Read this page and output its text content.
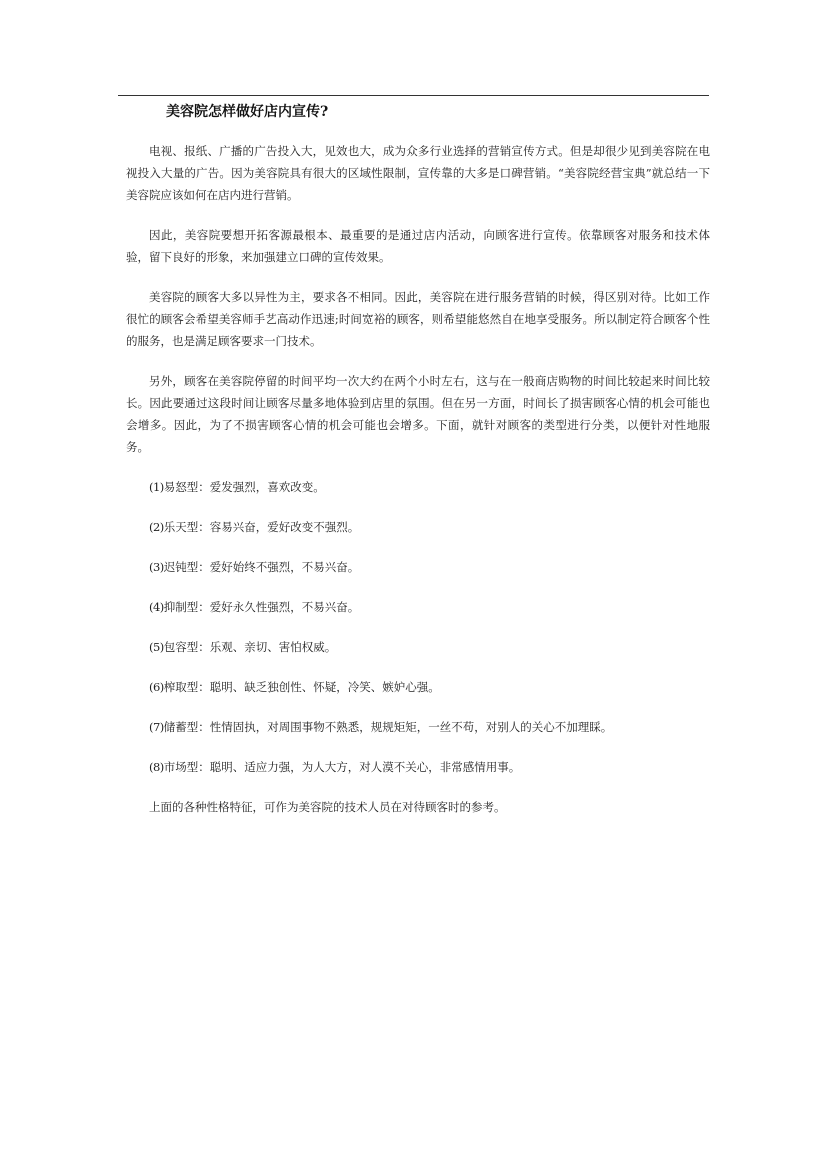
美容院怎样做好店内宣传?

电视、报纸、广播的广告投入大，见效也大，成为众多行业选择的营销宣传方式。但是却很少见到美容院在电视投入大量的广告。因为美容院具有很大的区域性限制，宣传靠的大多是口碑营销。“美容院经营宝典”就总结一下美容院应该如何在店内进行营销。

因此，美容院要想开拓客源最根本、最重要的是通过店内活动，向顾客进行宣传。依靠顾客对服务和技术体验，留下良好的形象，来加强建立口碑的宣传效果。

美容院的顾客大多以异性为主，要求各不相同。因此，美容院在进行服务营销的时候，得区别对待。比如工作很忙的顾客会希望美容师手艺高动作迅速;时间宽裕的顾客，则希望能悠然自在地享受服务。所以制定符合顾客个性的服务，也是满足顾客要求一门技术。

另外，顾客在美容院停留的时间平均一次大约在两个小时左右，这与在一般商店购物的时间比较起来时间比较长。因此要通过这段时间让顾客尽量多地体验到店里的氛围。但在另一方面，时间长了损害顾客心情的机会可能也会增多。因此，为了不损害顾客心情的机会可能也会增多。下面，就针对顾客的类型进行分类，以便针对性地服务。

(1)易怒型：爱发强烈，喜欢改变。

(2)乐天型：容易兴奋，爱好改变不强烈。

(3)迟钝型：爱好始终不强烈，不易兴奋。

(4)抑制型：爱好永久性强烈，不易兴奋。

(5)包容型：乐观、亲切、害怕权威。

(6)榨取型：聪明、缺乏独创性、怀疑，冷笑、嫉妒心强。

(7)储蓄型：性情固执，对周围事物不熟悉，规规矩矩，一丝不苟，对别人的关心不加理睬。

(8)市场型：聪明、适应力强，为人大方，对人漠不关心，非常感情用事。

上面的各种性格特征，可作为美容院的技术人员在对待顾客时的参考。
